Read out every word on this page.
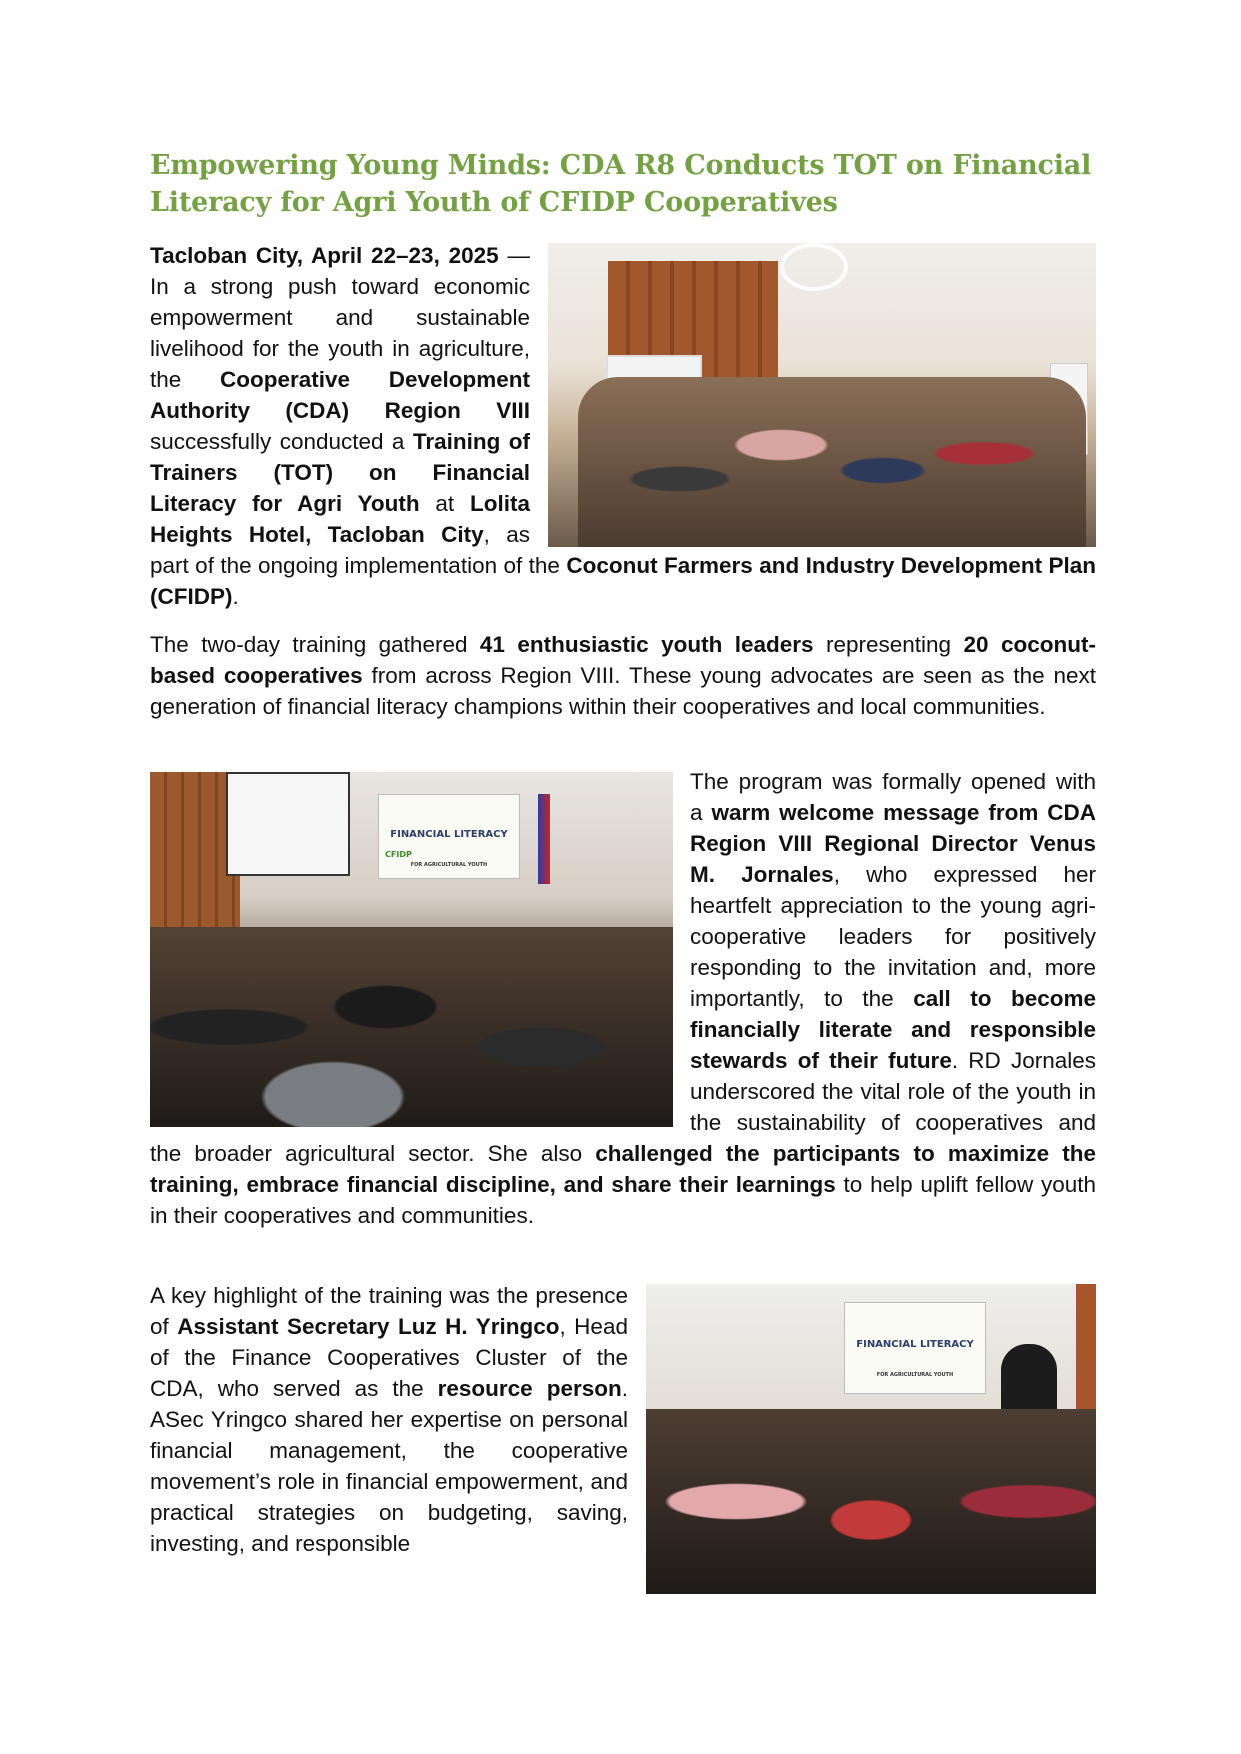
Empowering Young Minds: CDA R8 Conducts TOT on Financial Literacy for Agri Youth of CFIDP Cooperatives

Tacloban City, April 22–23, 2025 — In a strong push toward economic empowerment and sustainable livelihood for the youth in agriculture, the Cooperative Development Authority (CDA) Region VIII successfully conducted a Training of Trainers (TOT) on Financial Literacy for Agri Youth at Lolita Heights Hotel, Tacloban City, as part of the ongoing implementation of the Coconut Farmers and Industry Development Plan (CFIDP).

The two-day training gathered 41 enthusiastic youth leaders representing 20 coconut-based cooperatives from across Region VIII. These young advocates are seen as the next generation of financial literacy champions within their cooperatives and local communities.

FINANCIAL LITERACY
FOR AGRICULTURAL YOUTH
CFIDP

The program was formally opened with a warm welcome message from CDA Region VIII Regional Director Venus M. Jornales, who expressed her heartfelt appreciation to the young agri-cooperative leaders for positively responding to the invitation and, more importantly, to the call to become financially literate and responsible stewards of their future. RD Jornales underscored the vital role of the youth in the sustainability of cooperatives and the broader agricultural sector. She also challenged the participants to maximize the training, embrace financial discipline, and share their learnings to help uplift fellow youth in their cooperatives and communities.

FINANCIAL LITERACY
FOR AGRICULTURAL YOUTH

A key highlight of the training was the presence of Assistant Secretary Luz H. Yringco, Head of the Finance Cooperatives Cluster of the CDA, who served as the resource person. ASec Yringco shared her expertise on personal financial management, the cooperative movement’s role in financial empowerment, and practical strategies on budgeting, saving, investing, and responsible
